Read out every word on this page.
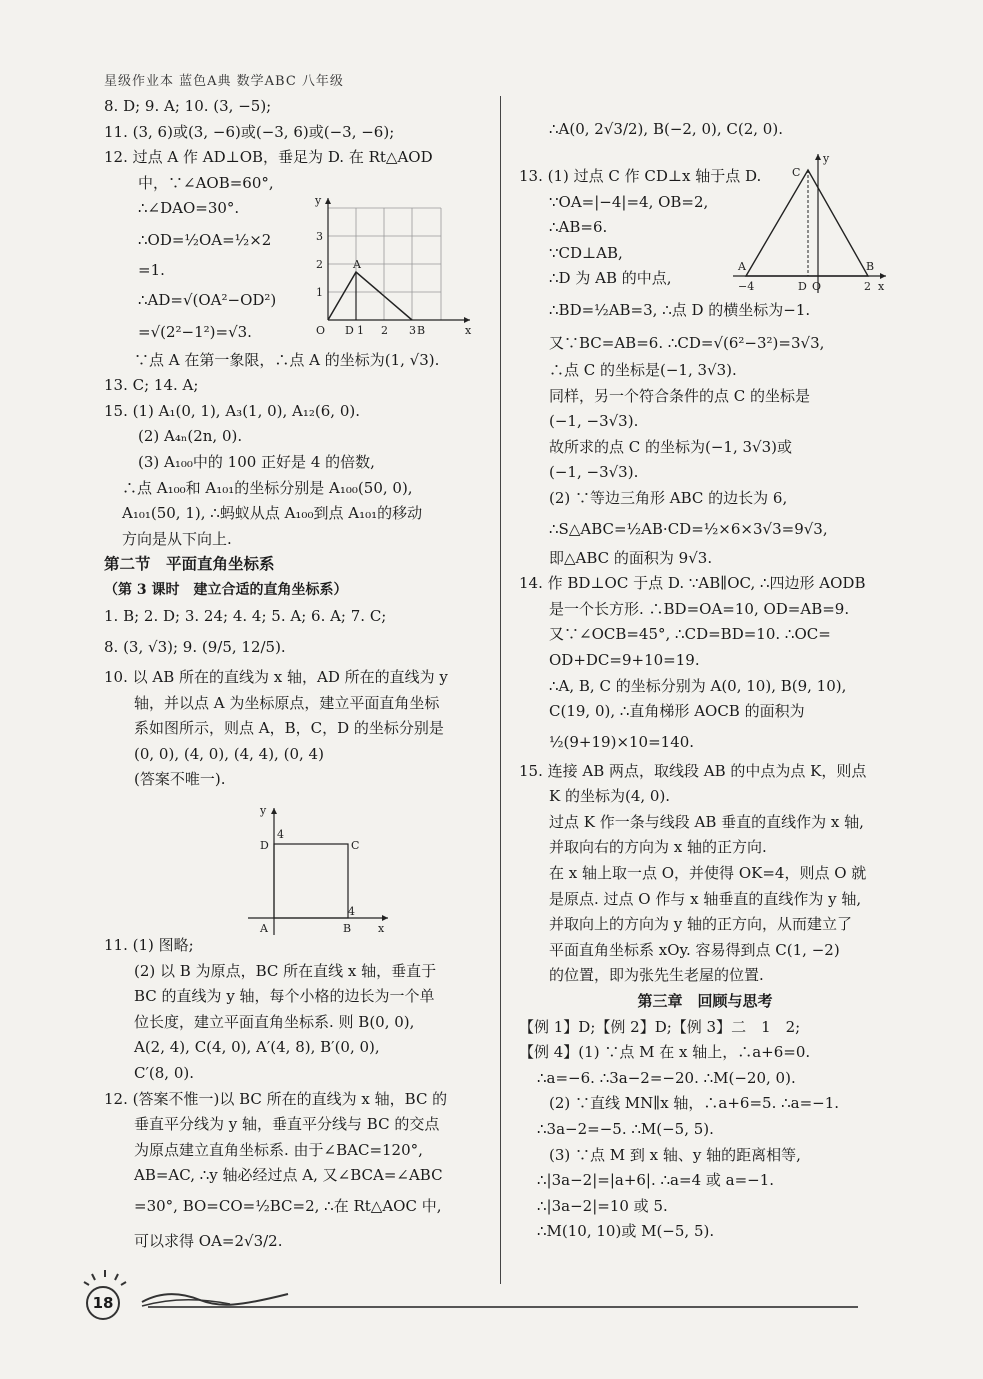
星级作业本 蓝色A典 数学ABC 八年级
8. D; 9. A; 10. (3, −5);
11. (3, 6)或(3, −6)或(−3, 6)或(−3, −6);
12. 过点 A 作 AD⊥OB，垂足为 D. 在 Rt△AOD
中，∵∠AOB=60°,
∴∠DAO=30°.
∴OD=½OA=½×2
=1.
∴AD=√(OA²−OD²)
=√(2²−1²)=√3.
∵点 A 在第一象限，∴点 A 的坐标为(1, √3).
13. C; 14. A;
15. (1) A₁(0, 1), A₃(1, 0), A₁₂(6, 0).
(2) A₄ₙ(2n, 0).
(3) A₁₀₀中的 100 正好是 4 的倍数,
∴点 A₁₀₀和 A₁₀₁的坐标分别是 A₁₀₀(50, 0),
A₁₀₁(50, 1), ∴蚂蚁从点 A₁₀₀到点 A₁₀₁的移动
方向是从下向上.
第二节　平面直角坐标系
（第 3 课时　建立合适的直角坐标系）
1. B; 2. D; 3. 24; 4. 4; 5. A; 6. A; 7. C;
8. (3, √3); 9. (9/5, 12/5).
10. 以 AB 所在的直线为 x 轴，AD 所在的直线为 y
轴，并以点 A 为坐标原点，建立平面直角坐标
系如图所示，则点 A，B，C，D 的坐标分别是
(0, 0), (4, 0), (4, 4), (0, 4)
(答案不唯一).
11. (1) 图略;
(2) 以 B 为原点，BC 所在直线 x 轴，垂直于
BC 的直线为 y 轴，每个小格的边长为一个单
位长度，建立平面直角坐标系. 则 B(0, 0),
A(2, 4), C(4, 0), A′(4, 8), B′(0, 0),
C′(8, 0).
12. (答案不惟一)以 BC 所在的直线为 x 轴，BC 的
垂直平分线为 y 轴，垂直平分线与 BC 的交点
为原点建立直角坐标系. 由于∠BAC=120°,
AB=AC, ∴y 轴必经过点 A, 又∠BCA=∠ABC
=30°, BO=CO=½BC=2, ∴在 Rt△AOC 中,
可以求得 OA=2√3/2.
∴A(0, 2√3/2), B(−2, 0), C(2, 0).
13. (1) 过点 C 作 CD⊥x 轴于点 D.
∵OA=|−4|=4, OB=2,
∴AB=6.
∵CD⊥AB,
∴D 为 AB 的中点,
∴BD=½AB=3, ∴点 D 的横坐标为−1.
又∵BC=AB=6. ∴CD=√(6²−3²)=3√3,
∴点 C 的坐标是(−1, 3√3).
同样，另一个符合条件的点 C 的坐标是
(−1, −3√3).
故所求的点 C 的坐标为(−1, 3√3)或
(−1, −3√3).
(2) ∵等边三角形 ABC 的边长为 6,
∴S△ABC=½AB·CD=½×6×3√3=9√3,
即△ABC 的面积为 9√3.
14. 作 BD⊥OC 于点 D. ∵AB∥OC, ∴四边形 AODB
是一个长方形. ∴BD=OA=10, OD=AB=9.
又∵∠OCB=45°, ∴CD=BD=10. ∴OC=
OD+DC=9+10=19.
∴A, B, C 的坐标分别为 A(0, 10), B(9, 10),
C(19, 0), ∴直角梯形 AOCB 的面积为
½(9+19)×10=140.
15. 连接 AB 两点，取线段 AB 的中点为点 K，则点
K 的坐标为(4, 0).
过点 K 作一条与线段 AB 垂直的直线作为 x 轴,
并取向右的方向为 x 轴的正方向.
在 x 轴上取一点 O，并使得 OK=4，则点 O 就
是原点. 过点 O 作与 x 轴垂直的直线作为 y 轴,
并取向上的方向为 y 轴的正方向，从而建立了
平面直角坐标系 xOy. 容易得到点 C(1, −2)
的位置，即为张先生老屋的位置.
第三章　回顾与思考
【例 1】D;【例 2】D;【例 3】二　1　2;
【例 4】(1) ∵点 M 在 x 轴上，∴a+6=0.
∴a=−6. ∴3a−2=−20. ∴M(−20, 0).
(2) ∵直线 MN∥x 轴，∴a+6=5. ∴a=−1.
∴3a−2=−5. ∴M(−5, 5).
(3) ∵点 M 到 x 轴、y 轴的距离相等,
∴|3a−2|=|a+6|. ∴a=4 或 a=−1.
∴|3a−2|=10 或 5.
∴M(10, 10)或 M(−5, 5).
y
3
2
1
O D 1 2 3 B	x
A
y
4
D	C
A	B
4
x
C
y
A
−4	D O
B
2 x
18
